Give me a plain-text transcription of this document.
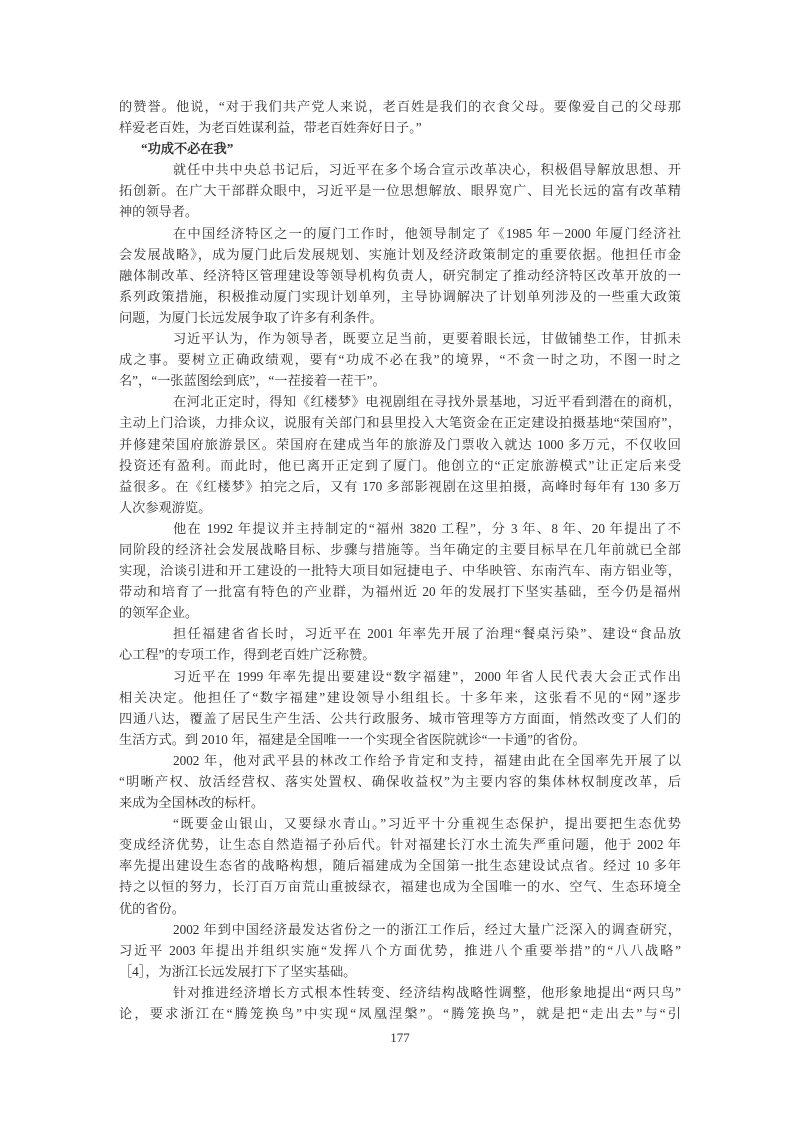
的赞誉。他说，“对于我们共产党人来说，老百姓是我们的衣食父母。要像爱自己的父母那
样爱老百姓，为老百姓谋利益，带老百姓奔好日子。”
“功成不必在我”
就任中共中央总书记后，习近平在多个场合宣示改革决心，积极倡导解放思想、开
拓创新。在广大干部群众眼中，习近平是一位思想解放、眼界宽广、目光长远的富有改革精
神的领导者。
在中国经济特区之一的厦门工作时，他领导制定了《1985 年－2000 年厦门经济社
会发展战略》，成为厦门此后发展规划、实施计划及经济政策制定的重要依据。他担任市金
融体制改革、经济特区管理建设等领导机构负责人，研究制定了推动经济特区改革开放的一
系列政策措施，积极推动厦门实现计划单列，主导协调解决了计划单列涉及的一些重大政策
问题，为厦门长远发展争取了许多有利条件。
习近平认为，作为领导者，既要立足当前，更要着眼长远，甘做铺垫工作，甘抓未
成之事。要树立正确政绩观，要有“功成不必在我”的境界，“不贪一时之功，不图一时之
名”，“一张蓝图绘到底”，“一茬接着一茬干”。
在河北正定时，得知《红楼梦》电视剧组在寻找外景基地，习近平看到潜在的商机，
主动上门洽谈，力排众议，说服有关部门和县里投入大笔资金在正定建设拍摄基地“荣国府”，
并修建荣国府旅游景区。荣国府在建成当年的旅游及门票收入就达 1000 多万元，不仅收回
投资还有盈利。而此时，他已离开正定到了厦门。他创立的“正定旅游模式”让正定后来受
益很多。在《红楼梦》拍完之后，又有 170 多部影视剧在这里拍摄，高峰时每年有 130 多万
人次参观游览。
他在 1992 年提议并主持制定的“福州 3820 工程”，分 3 年、8 年、20 年提出了不
同阶段的经济社会发展战略目标、步骤与措施等。当年确定的主要目标早在几年前就已全部
实现，洽谈引进和开工建设的一批特大项目如冠捷电子、中华映管、东南汽车、南方铝业等，
带动和培育了一批富有特色的产业群，为福州近 20 年的发展打下坚实基础，至今仍是福州
的领军企业。
担任福建省省长时，习近平在 2001 年率先开展了治理“餐桌污染”、建设“食品放
心工程”的专项工作，得到老百姓广泛称赞。
习近平在 1999 年率先提出要建设“数字福建”，2000 年省人民代表大会正式作出
相关决定。他担任了“数字福建”建设领导小组组长。十多年来，这张看不见的“网”逐步
四通八达，覆盖了居民生产生活、公共行政服务、城市管理等方方面面，悄然改变了人们的
生活方式。到 2010 年，福建是全国唯一一个实现全省医院就诊“一卡通”的省份。
2002 年，他对武平县的林改工作给予肯定和支持，福建由此在全国率先开展了以
“明晰产权、放活经营权、落实处置权、确保收益权”为主要内容的集体林权制度改革，后
来成为全国林改的标杆。
“既要金山银山，又要绿水青山。”习近平十分重视生态保护，提出要把生态优势
变成经济优势，让生态自然造福子孙后代。针对福建长汀水土流失严重问题，他于 2002 年
率先提出建设生态省的战略构想，随后福建成为全国第一批生态建设试点省。经过 10 多年
持之以恒的努力，长汀百万亩荒山重披绿衣，福建也成为全国唯一的水、空气、生态环境全
优的省份。
2002 年到中国经济最发达省份之一的浙江工作后，经过大量广泛深入的调查研究，
习近平 2003 年提出并组织实施“发挥八个方面优势，推进八个重要举措”的“八八战略”
［4］，为浙江长远发展打下了坚实基础。
针对推进经济增长方式根本性转变、经济结构战略性调整，他形象地提出“两只鸟”
论，要求浙江在“腾笼换鸟”中实现“凤凰涅槃”。“腾笼换鸟”，就是把“走出去”与“引
177
